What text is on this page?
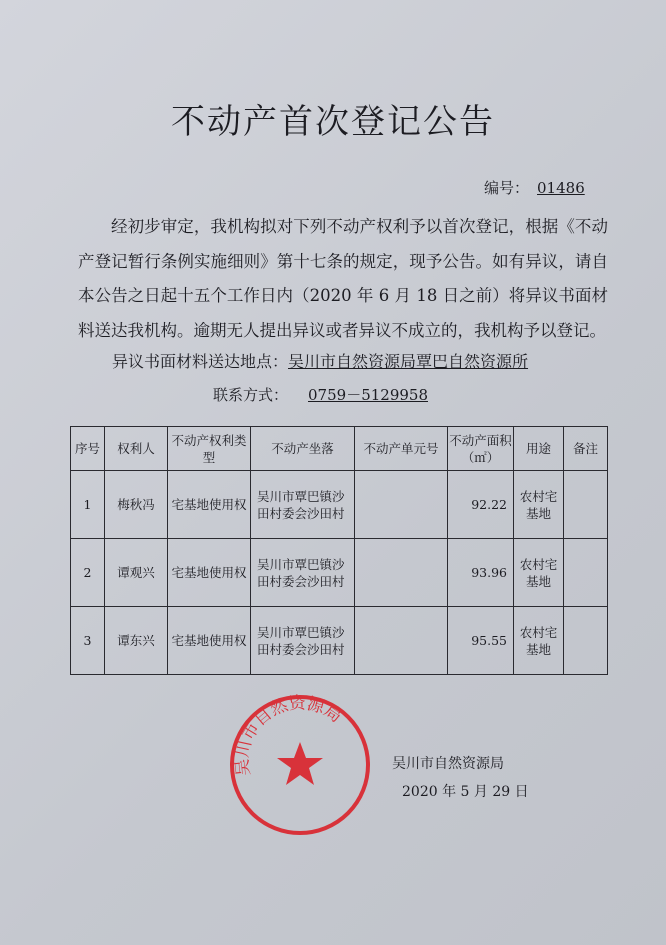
不动产首次登记公告
编号： 01486
经初步审定，我机构拟对下列不动产权利予以首次登记，根据《不动产登记暂行条例实施细则》第十七条的规定，现予公告。如有异议，请自本公告之日起十五个工作日内（2020 年 6 月 18 日之前）将异议书面材料送达我机构。逾期无人提出异议或者异议不成立的，我机构予以登记。
异议书面材料送达地点：吴川市自然资源局覃巴自然资源所
联系方式： 0759－5129958
序号	权利人	不动产权利类型	不动产坐落	不动产单元号	不动产面积（㎡）	用途	备注
1	梅秋冯	宅基地使用权	吴川市覃巴镇沙田村委会沙田村		92.22	农村宅基地	
2	谭观兴	宅基地使用权	吴川市覃巴镇沙田村委会沙田村		93.96	农村宅基地	
3	谭东兴	宅基地使用权	吴川市覃巴镇沙田村委会沙田村		95.55	农村宅基地	
吴川市自然资源局
吴川市自然资源局
2020 年 5 月 29 日
